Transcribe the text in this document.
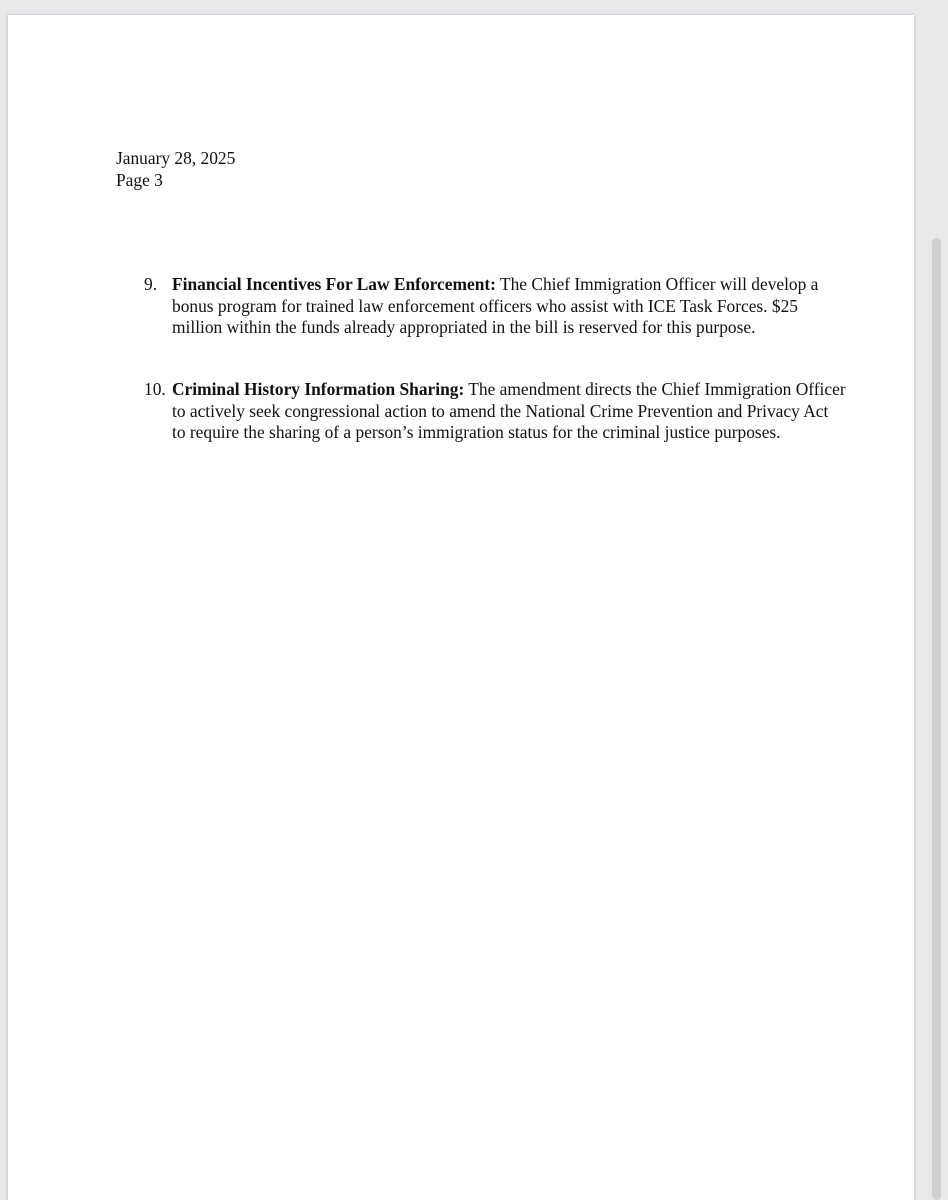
January 28, 2025
Page 3
9. Financial Incentives For Law Enforcement: The Chief Immigration Officer will develop a bonus program for trained law enforcement officers who assist with ICE Task Forces. $25 million within the funds already appropriated in the bill is reserved for this purpose.
10. Criminal History Information Sharing: The amendment directs the Chief Immigration Officer to actively seek congressional action to amend the National Crime Prevention and Privacy Act to require the sharing of a person’s immigration status for the criminal justice purposes.
